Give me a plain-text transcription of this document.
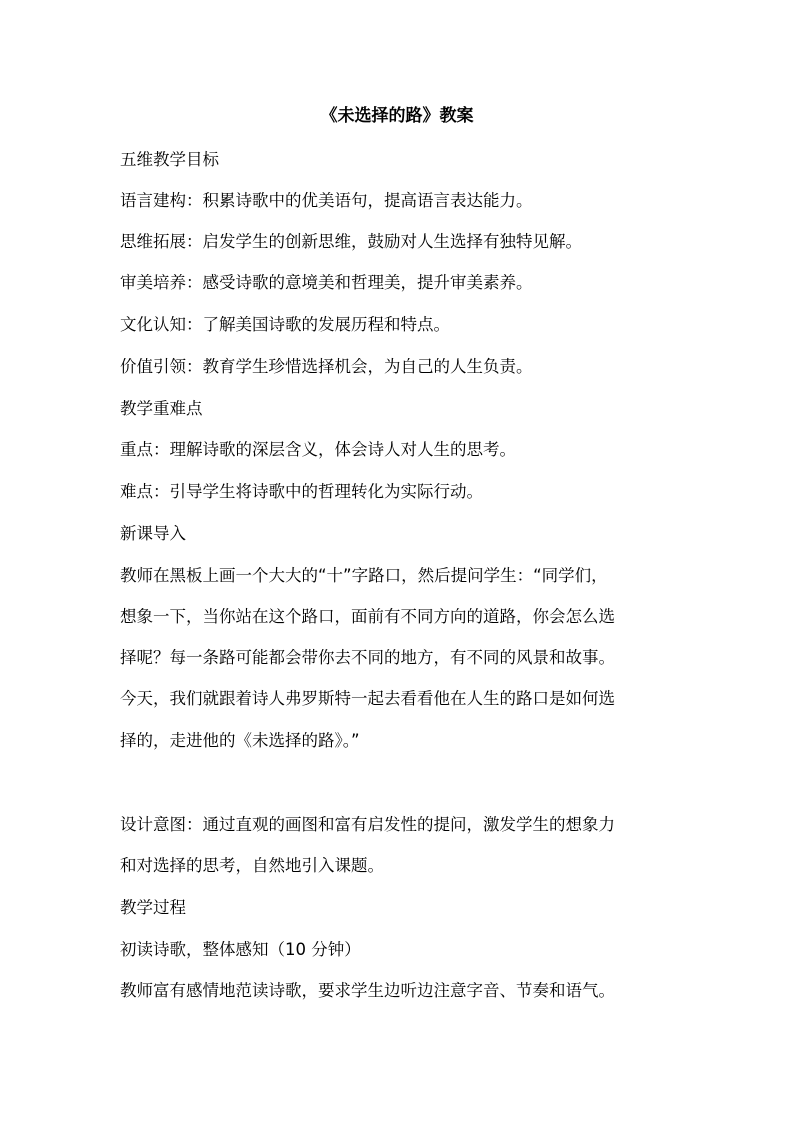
《未选择的路》教案
五维教学目标
语言建构：积累诗歌中的优美语句，提高语言表达能力。
思维拓展：启发学生的创新思维，鼓励对人生选择有独特见解。
审美培养：感受诗歌的意境美和哲理美，提升审美素养。
文化认知：了解美国诗歌的发展历程和特点。
价值引领：教育学生珍惜选择机会，为自己的人生负责。
教学重难点
重点：理解诗歌的深层含义，体会诗人对人生的思考。
难点：引导学生将诗歌中的哲理转化为实际行动。
新课导入
教师在黑板上画一个大大的“十”字路口，然后提问学生：“同学们，
想象一下，当你站在这个路口，面前有不同方向的道路，你会怎么选
择呢？每一条路可能都会带你去不同的地方，有不同的风景和故事。
今天，我们就跟着诗人弗罗斯特一起去看看他在人生的路口是如何选
择的，走进他的《未选择的路》。”
设计意图：通过直观的画图和富有启发性的提问，激发学生的想象力
和对选择的思考，自然地引入课题。
教学过程
初读诗歌，整体感知（10 分钟）
教师富有感情地范读诗歌，要求学生边听边注意字音、节奏和语气。
